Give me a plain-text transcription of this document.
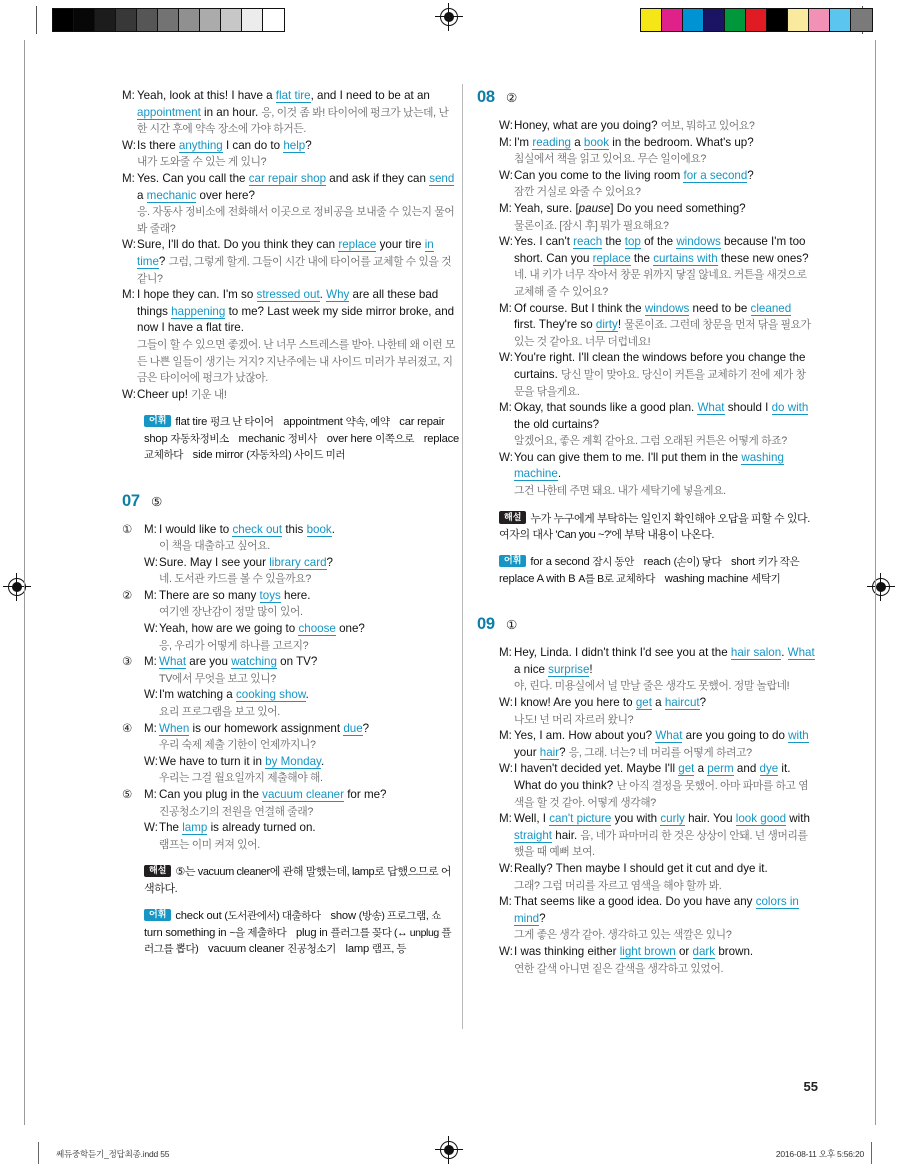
M: Yeah, look at this! I have a flat tire, and I need to be at an appointment in an hour. 응, 이것 좀 봐! 타이어에 펑크가 났는데, 난 한 시간 후에 약속 장소에 가야 하거든.
W: Is there anything I can do to help?
내가 도와줄 수 있는 게 있니?
M: Yes. Can you call the car repair shop and ask if they can send a mechanic over here?
응. 자동사 정비소에 전화해서 이곳으로 정비공을 보내줄 수 있는지 물어봐 줄래?
W: Sure, I'll do that. Do you think they can replace your tire in time? 그럼, 그렇게 할게. 그들이 시간 내에 타이어를 교체할 수 있을 것 같니?
M: I hope they can. I'm so stressed out. Why are all these bad things happening to me? Last week my side mirror broke, and now I have a flat tire.
그들이 할 수 있으면 좋겠어. 난 너무 스트레스를 받아. 나한테 왜 이런 모든 나쁜 일들이 생기는 거지? 지난주에는 내 사이드 미러가 부러졌고, 지금은 타이어에 펑크가 났잖아.
W: Cheer up! 기운 내!
어휘 flat tire 펑크 난 타이어  appointment 약속, 예약  car repair shop 자동차정비소  mechanic 정비사  over here 이쪽으로  replace 교체하다  side mirror (자동차의) 사이드 미러
07 ⑤
①	M: I would like to check out this book.
이 책을 대출하고 싶어요.
W: Sure. May I see your library card?
네. 도서관 카드를 볼 수 있을까요?
②	M: There are so many toys here.
여기엔 장난감이 정말 많이 있어.
W: Yeah, how are we going to choose one?
응, 우리가 어떻게 하나를 고르지?
③	M: What are you watching on TV?
TV에서 무엇을 보고 있니?
W: I'm watching a cooking show.
요리 프로그램을 보고 있어.
④	M: When is our homework assignment due?
우리 숙제 제출 기한이 언제까지니?
W: We have to turn it in by Monday.
우리는 그걸 월요일까지 제출해야 해.
⑤	M: Can you plug in the vacuum cleaner for me?
진공청소기의 전원을 연결해 줄래?
W: The lamp is already turned on.
램프는 이미 켜져 있어.
해설 ⑤는 vacuum cleaner에 관해 말했는데, lamp로 답했으므로 어색하다.
어휘 check out (도서관에서) 대출하다  show (방송) 프로그램, 쇼  turn something in ~을 제출하다  plug in 플러그를 꽂다 (↔ unplug 플러그를 뽑다)  vacuum cleaner 진공청소기  lamp 램프, 등
08 ②
W: Honey, what are you doing? 여보, 뭐하고 있어요?
M: I'm reading a book in the bedroom. What's up?
침실에서 책을 읽고 있어요. 무슨 일이에요?
W: Can you come to the living room for a second?
잠깐 거실로 와줄 수 있어요?
M: Yeah, sure. [pause] Do you need something?
물론이죠. [잠시 후] 뭐가 필요해요?
W: Yes. I can't reach the top of the windows because I'm too short. Can you replace the curtains with these new ones? 네. 내 키가 너무 작아서 창문 위까지 닿질 않네요. 커튼을 새것으로 교체해 줄 수 있어요?
M: Of course. But I think the windows need to be cleaned first. They're so dirty! 물론이죠. 그런데 창문을 먼저 닦을 필요가 있는 것 같아요. 너무 더럽네요!
W: You're right. I'll clean the windows before you change the curtains. 당신 말이 맞아요. 당신이 커튼을 교체하기 전에 제가 창문을 닦을게요.
M: Okay, that sounds like a good plan. What should I do with the old curtains?
알겠어요, 좋은 계획 같아요. 그럼 오래된 커튼은 어떻게 하죠?
W: You can give them to me. I'll put them in the washing machine.
그건 나한테 주면 돼요. 내가 세탁기에 넣을게요.
해설 누가 누구에게 부탁하는 일인지 확인해야 오답을 피할 수 있다. 여자의 대사 'Can you ~?'에 부탁 내용이 나온다.
어휘 for a second 잠시 동안  reach (손이) 닿다  short 키가 작은  replace A with B A를 B로 교체하다  washing machine 세탁기
09 ①
M: Hey, Linda. I didn't think I'd see you at the hair salon. What a nice surprise!
야, 린다. 미용실에서 널 만날 줄은 생각도 못했어. 정말 놀랍네!
W: I know! Are you here to get a haircut?
나도! 넌 머리 자르러 왔니?
M: Yes, I am. How about you? What are you going to do with your hair? 응, 그래. 너는? 네 머리를 어떻게 하려고?
W: I haven't decided yet. Maybe I'll get a perm and dye it. What do you think? 난 아직 결정을 못했어. 아마 파마를 하고 염색을 할 것 같아. 어떻게 생각해?
M: Well, I can't picture you with curly hair. You look good with straight hair. 음, 네가 파마머리 한 것은 상상이 안돼. 넌 생머리를 했을 때 예뻐 보여.
W: Really? Then maybe I should get it cut and dye it.
그래? 그럼 머리를 자르고 염색을 해야 할까 봐.
M: That seems like a good idea. Do you have any colors in mind?
그게 좋은 생각 같아. 생각하고 있는 색깔은 있니?
W: I was thinking either light brown or dark brown.
연한 갈색 아니면 짙은 갈색을 생각하고 있었어.
55
쎄듀중학듣기_정답최종.indd 55	2016-08-11 오후 5:56:20
